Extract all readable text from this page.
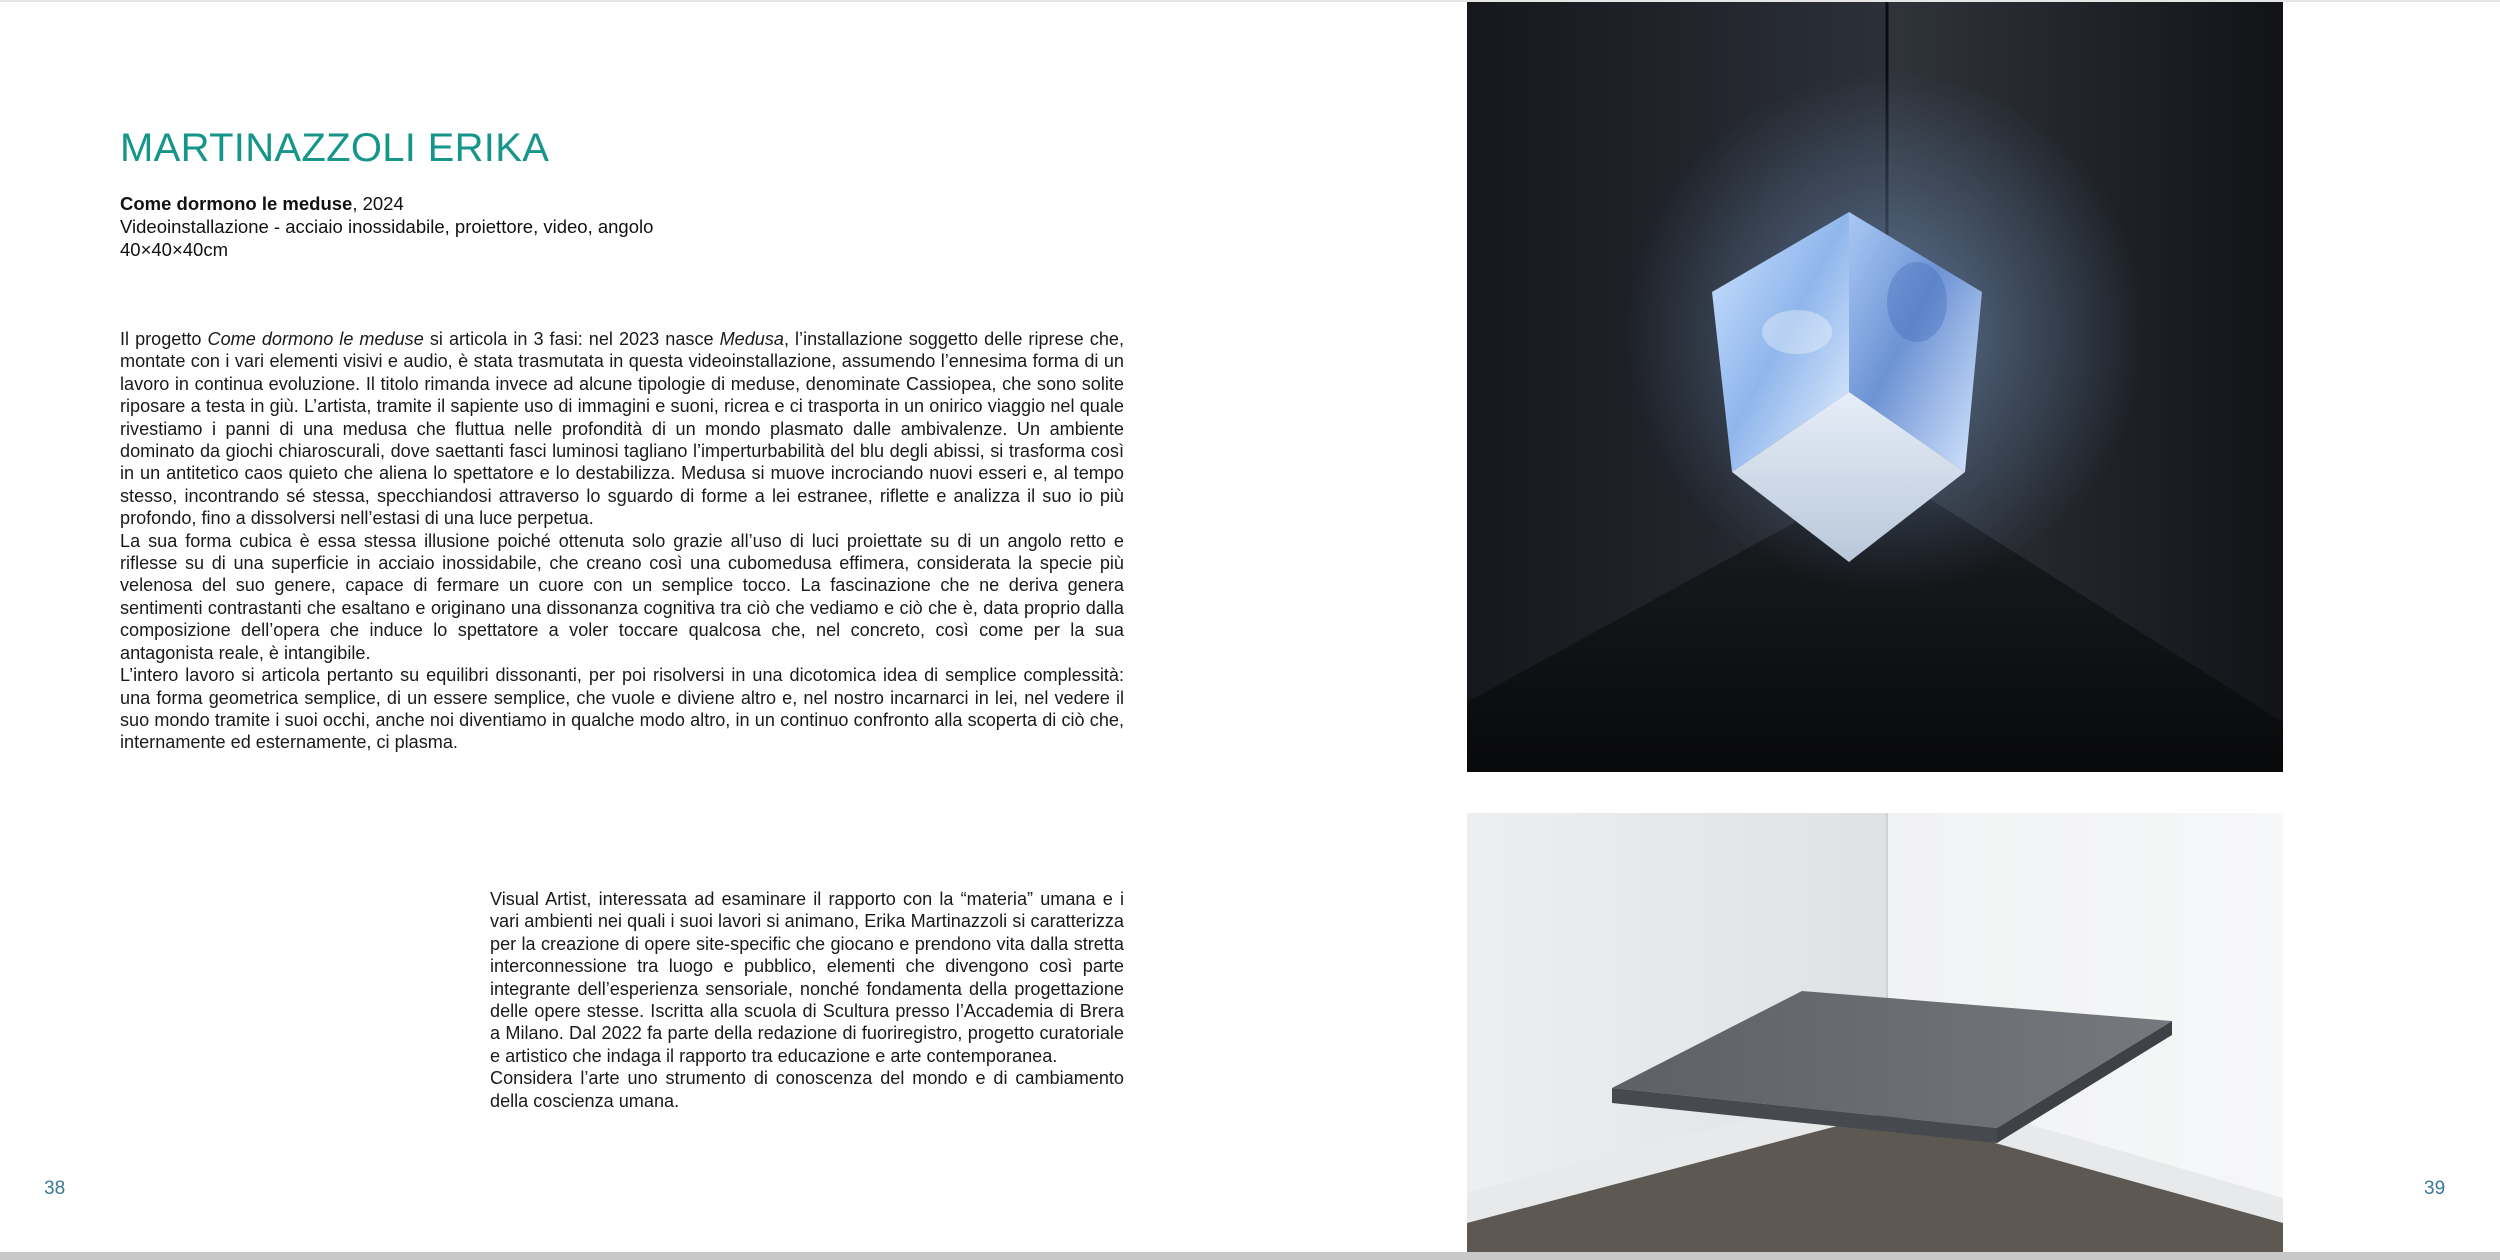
MARTINAZZOLI ERIKA
Come dormono le meduse, 2024
Videoinstallazione - acciaio inossidabile, proiettore, video, angolo
40×40×40cm

Il progetto Come dormono le meduse si articola in 3 fasi: nel 2023 nasce Medusa, l’installazione soggetto delle riprese che, montate con i vari elementi visivi e audio, è stata trasmutata in questa videoinstallazione, assumendo l’ennesima forma di un lavoro in continua evoluzione. Il titolo rimanda invece ad alcune tipologie di meduse, denominate Cassiopea, che sono solite riposare a testa in giù. L’artista, tramite il sapiente uso di immagini e suoni, ricrea e ci trasporta in un onirico viaggio nel quale rivestiamo i panni di una medusa che fluttua nelle profondità di un mondo plasmato dalle ambivalenze. Un ambiente dominato da giochi chiaroscurali, dove saettanti fasci luminosi tagliano l’imperturbabilità del blu degli abissi, si trasforma così in un antitetico caos quieto che aliena lo spettatore e lo destabilizza. Medusa si muove incrociando nuovi esseri e, al tempo stesso, incontrando sé stessa, specchiandosi attraverso lo sguardo di forme a lei estranee, riflette e analizza il suo io più profondo, fino a dissolversi nell’estasi di una luce perpetua.

La sua forma cubica è essa stessa illusione poiché ottenuta solo grazie all’uso di luci proiettate su di un angolo retto e riflesse su di una superficie in acciaio inossidabile, che creano così una cubomedusa effimera, considerata la specie più velenosa del suo genere, capace di fermare un cuore con un semplice tocco. La fascinazione che ne deriva genera sentimenti contrastanti che esaltano e originano una dissonanza cognitiva tra ciò che vediamo e ciò che è, data proprio dalla composizione dell’opera che induce lo spettatore a voler toccare qualcosa che, nel concreto, così come per la sua antagonista reale, è intangibile.

L’intero lavoro si articola pertanto su equilibri dissonanti, per poi risolversi in una dicotomica idea di semplice complessità: una forma geometrica semplice, di un essere semplice, che vuole e diviene altro e, nel nostro incarnarci in lei, nel vedere il suo mondo tramite i suoi occhi, anche noi diventiamo in qualche modo altro, in un continuo confronto alla scoperta di ciò che, internamente ed esternamente, ci plasma.

Visual Artist, interessata ad esaminare il rapporto con la “materia” umana e i vari ambienti nei quali i suoi lavori si animano, Erika Martinazzoli si caratterizza per la creazione di opere site-specific che giocano e prendono vita dalla stretta interconnessione tra luogo e pubblico, elementi che divengono così parte integrante dell’esperienza sensoriale, nonché fondamenta della progettazione delle opere stesse. Iscritta alla scuola di Scultura presso l’Accademia di Brera a Milano. Dal 2022 fa parte della redazione di fuoriregistro, progetto curatoriale e artistico che indaga il rapporto tra educazione e arte contemporanea.

Considera l’arte uno strumento di conoscenza del mondo e di cambiamento della coscienza umana.

38	39
